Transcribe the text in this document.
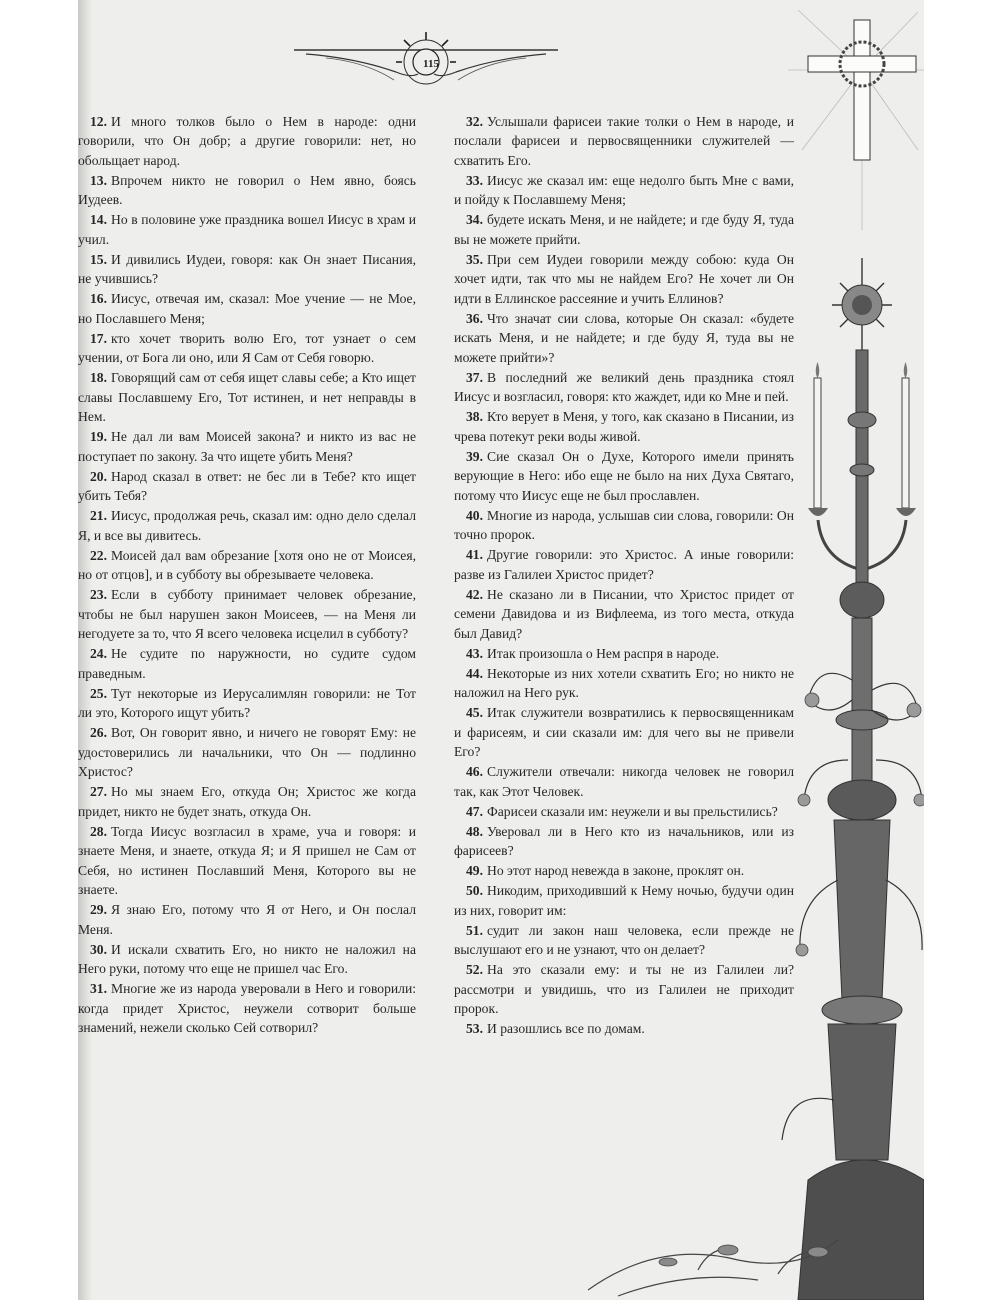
115

12. И много толков было о Нем в народе: одни говорили, что Он добр; а другие говорили: нет, но обольщает народ.

13. Впрочем никто не говорил о Нем явно, боясь Иудеев.

14. Но в половине уже праздника вошел Иисус в храм и учил.

15. И дивились Иудеи, говоря: как Он знает Писания, не учившись?

16. Иисус, отвечая им, сказал: Мое учение — не Мое, но Пославшего Меня;

17. кто хочет творить волю Его, тот узнает о сем учении, от Бога ли оно, или Я Сам от Себя говорю.

18. Говорящий сам от себя ищет славы себе; а Кто ищет славы Пославшему Его, Тот истинен, и нет неправды в Нем.

19. Не дал ли вам Моисей закона? и никто из вас не поступает по закону. За что ищете убить Меня?

20. Народ сказал в ответ: не бес ли в Тебе? кто ищет убить Тебя?

21. Иисус, продолжая речь, сказал им: одно дело сделал Я, и все вы дивитесь.

22. Моисей дал вам обрезание [хотя оно не от Моисея, но от отцов], и в субботу вы обрезываете человека.

23. Если в субботу принимает человек обрезание, чтобы не был нарушен закон Моисеев, — на Меня ли негодуете за то, что Я всего человека исцелил в субботу?

24. Не судите по наружности, но судите судом праведным.

25. Тут некоторые из Иерусалимлян говорили: не Тот ли это, Которого ищут убить?

26. Вот, Он говорит явно, и ничего не говорят Ему: не удостоверились ли начальники, что Он — подлинно Христос?

27. Но мы знаем Его, откуда Он; Христос же когда придет, никто не будет знать, откуда Он.

28. Тогда Иисус возгласил в храме, уча и говоря: и знаете Меня, и знаете, откуда Я; и Я пришел не Сам от Себя, но истинен Пославший Меня, Которого вы не знаете.

29. Я знаю Его, потому что Я от Него, и Он послал Меня.

30. И искали схватить Его, но никто не наложил на Него руки, потому что еще не пришел час Его.

31. Многие же из народа уверовали в Него и говорили: когда придет Христос, неужели сотворит больше знамений, нежели сколько Сей сотворил?

32. Услышали фарисеи такие толки о Нем в народе, и послали фарисеи и первосвященники служителей — схватить Его.

33. Иисус же сказал им: еще недолго быть Мне с вами, и пойду к Пославшему Меня;

34. будете искать Меня, и не найдете; и где буду Я, туда вы не можете прийти.

35. При сем Иудеи говорили между собою: куда Он хочет идти, так что мы не найдем Его? Не хочет ли Он идти в Еллинское рассеяние и учить Еллинов?

36. Что значат сии слова, которые Он сказал: «будете искать Меня, и не найдете; и где буду Я, туда вы не можете прийти»?

37. В последний же великий день праздника стоял Иисус и возгласил, говоря: кто жаждет, иди ко Мне и пей.

38. Кто верует в Меня, у того, как сказано в Писании, из чрева потекут реки воды живой.

39. Сие сказал Он о Духе, Которого имели принять верующие в Него: ибо еще не было на них Духа Святаго, потому что Иисус еще не был прославлен.

40. Многие из народа, услышав сии слова, говорили: Он точно пророк.

41. Другие говорили: это Христос. А иные говорили: разве из Галилеи Христос придет?

42. Не сказано ли в Писании, что Христос придет от семени Давидова и из Вифлеема, из того места, откуда был Давид?

43. Итак произошла о Нем распря в народе.

44. Некоторые из них хотели схватить Его; но никто не наложил на Него рук.

45. Итак служители возвратились к первосвященникам и фарисеям, и сии сказали им: для чего вы не привели Его?

46. Служители отвечали: никогда человек не говорил так, как Этот Человек.

47. Фарисеи сказали им: неужели и вы прельстились?

48. Уверовал ли в Него кто из начальников, или из фарисеев?

49. Но этот народ невежда в законе, проклят он.

50. Никодим, приходивший к Нему ночью, будучи один из них, говорит им:

51. судит ли закон наш человека, если прежде не выслушают его и не узнают, что он делает?

52. На это сказали ему: и ты не из Галилеи ли? рассмотри и увидишь, что из Галилеи не приходит пророк.

53. И разошлись все по домам.
